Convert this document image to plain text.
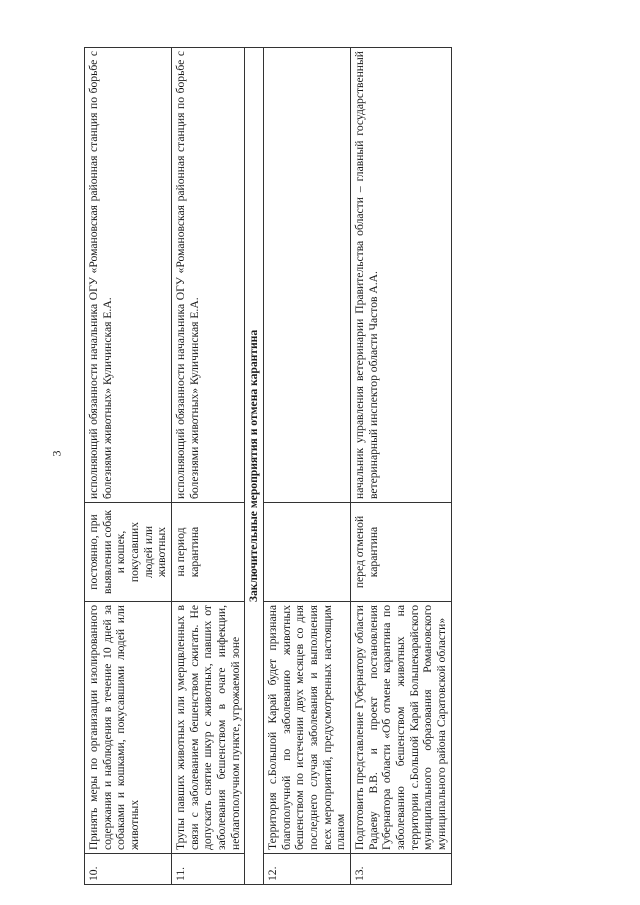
3
10.	Принять меры по организации изолированного содержания и наблюдения в течение 10 дней за собаками и кошками, покусавшими людей или животных	постоянно, при выявлении собак и кошек, покусавших людей или животных	исполняющий обязанности начальника ОГУ «Романовская районная станция по борьбе с болезнями животных» Куличинская Е.А.
11.	Трупы павших животных или умерщвленных в связи с заболеванием бешенством сжигать. Не допускать снятие шкур с животных, павших от заболевания бешенством в очаге инфекции, неблагополучном пункте, угрожаемой зоне	на период карантина	исполняющий обязанности начальника ОГУ «Романовская районная станция по борьбе с болезнями животных» Куличинская Е.А.
Заключительные мероприятия и отмена карантина			
12.	Территория с.Большой Карай будет признана благополучной по заболеванию животных бешенством по истечении двух месяцев со дня последнего случая заболевания и выполнения всех мероприятий, предусмотренных настоящим планом		
13.	Подготовить представление Губернатору области Радаеву В.В. и проект постановления Губернатора области «Об отмене карантина по заболеванию бешенством животных на территории с.Большой Карай Большекарайского муниципального образования Романовского муниципального района Саратовской области»	перед отменой карантина	начальник управления ветеринарии Правительства области – главный государственный ветеринарный инспектор области Частов А.А.
